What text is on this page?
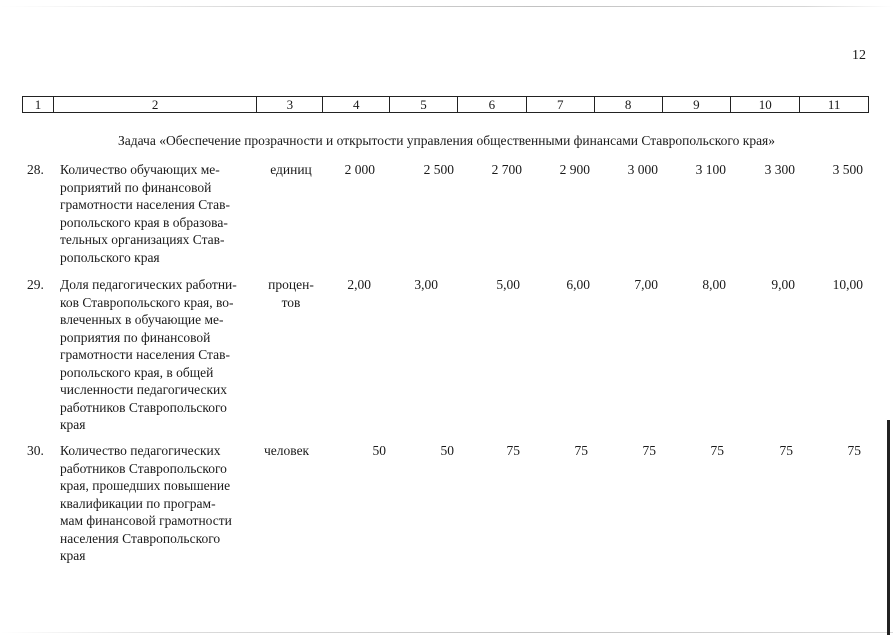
12
1	2	3	4	5	6	7	8	9	10	11
Задача «Обеспечение прозрачности и открытости управления общественными финансами Ставропольского края»
28. Количество обучающих ме-
роприятий по финансовой
грамотности населения Став-
ропольского края в образова-
тельных организациях Став-
ропольского края
единиц	2 000	2 500	2 700	2 900	3 000	3 100	3 300	3 500
29. Доля педагогических работни-
ков Ставропольского края, во-
влеченных в обучающие ме-
роприятия по финансовой
грамотности населения Став-
ропольского края, в общей
численности педагогических
работников Ставропольского
края
процен-
тов
2,00	3,00	5,00	6,00	7,00	8,00	9,00	10,00
30. Количество педагогических
работников Ставропольского
края, прошедших повышение
квалификации по програм-
мам финансовой грамотности
населения Ставропольского
края
человек	50	50	75	75	75	75	75	75
